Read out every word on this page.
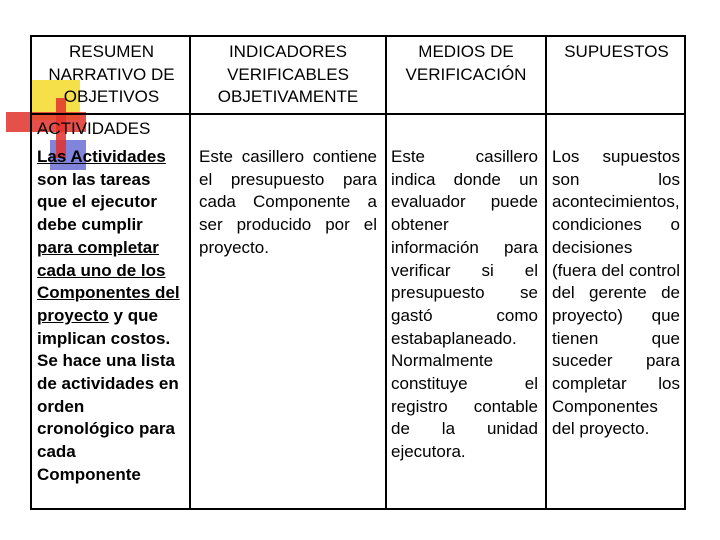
RESUMEN
NARRATIVO DE
OBJETIVOS
INDICADORES
VERIFICABLES
OBJETIVAMENTE
MEDIOS DE
VERIFICACIÓN
SUPUESTOS
ACTIVIDADES
Las Actividades son las tareas que el ejecutor debe cumplir para completar cada uno de los Componentes del proyecto y que implican costos. Se hace una lista de actividades en orden cronológico para cada Componente
Este casillero contiene el presupuesto para cada Componente a ser producido por el proyecto.
Este casillero indica donde un evaluador puede obtener información para verificar si el presupuesto se gastó como estabaplaneado. Normalmente constituye el registro contable de la unidad ejecutora.
Los supuestos son los acontecimientos, condiciones o decisiones (fuera del control del gerente de proyecto) que tienen que suceder para completar los Componentes del proyecto.
